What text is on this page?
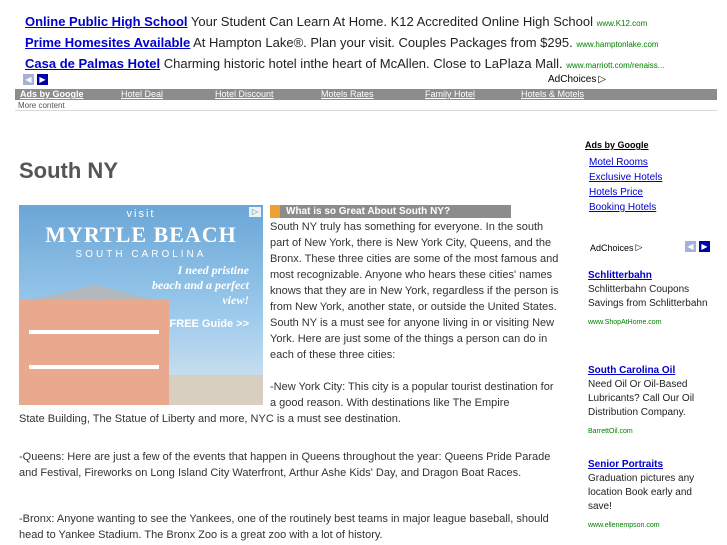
Online Public High School Your Student Can Learn At Home. K12 Accredited Online High School www.K12.com
Prime Homesites Available At Hampton Lake®. Plan your visit. Couples Packages from $295. www.hamptonlake.com
Casa de Palmas Hotel Charming historic hotel inthe heart of McAllen. Close to LaPlaza Mall. www.marriott.com/renaiss...
◀ ▶	AdChoices ▷
Ads by Google	Hotel Deal	Hotel Discount	Motels Rates	Family Hotel	Hotels & Motels
More content
South NY
▷
visit
MYRTLE BEACH
SOUTH CAROLINA
I need pristine beach and a perfect view!
FREE Guide >>
What is so Great About South NY?

South NY truly has something for everyone. In the south part of New York, there is New York City, Queens, and the Bronx. These three cities are some of the most famous and most recognizable. Anyone who hears these cities' names knows that they are in New York, regardless if the person is from New York, another state, or outside the United States. South NY is a must see for anyone living in or visiting New York. Here are just some of the things a person can do in each of these three cities:

-New York City: This city is a popular tourist destination for a good reason. With destinations like The Empire

State Building, The Statue of Liberty and more, NYC is a must see destination.

-Queens: Here are just a few of the events that happen in Queens throughout the year: Queens Pride Parade and Festival, Fireworks on Long Island City Waterfront, Arthur Ashe Kids' Day, and Dragon Boat Races.

-Bronx: Anyone wanting to see the Yankees, one of the routinely best teams in major league baseball, should head to Yankee Stadium. The Bronx Zoo is a great zoo with a lot of history.

Ads by Google
Motel Rooms
Exclusive Hotels
Hotels Price
Booking Hotels
AdChoices ▷	◀ ▶
Schlitterbahn
Schlitterbahn Coupons Savings from Schlitterbahn
www.ShopAtHome.com
South Carolina Oil
Need Oil Or Oil-Based Lubricants? Call Our Oil Distribution Company.
BarrettOil.com
Senior Portraits
Graduation pictures any location Book early and save!
www.ellenempson.com
